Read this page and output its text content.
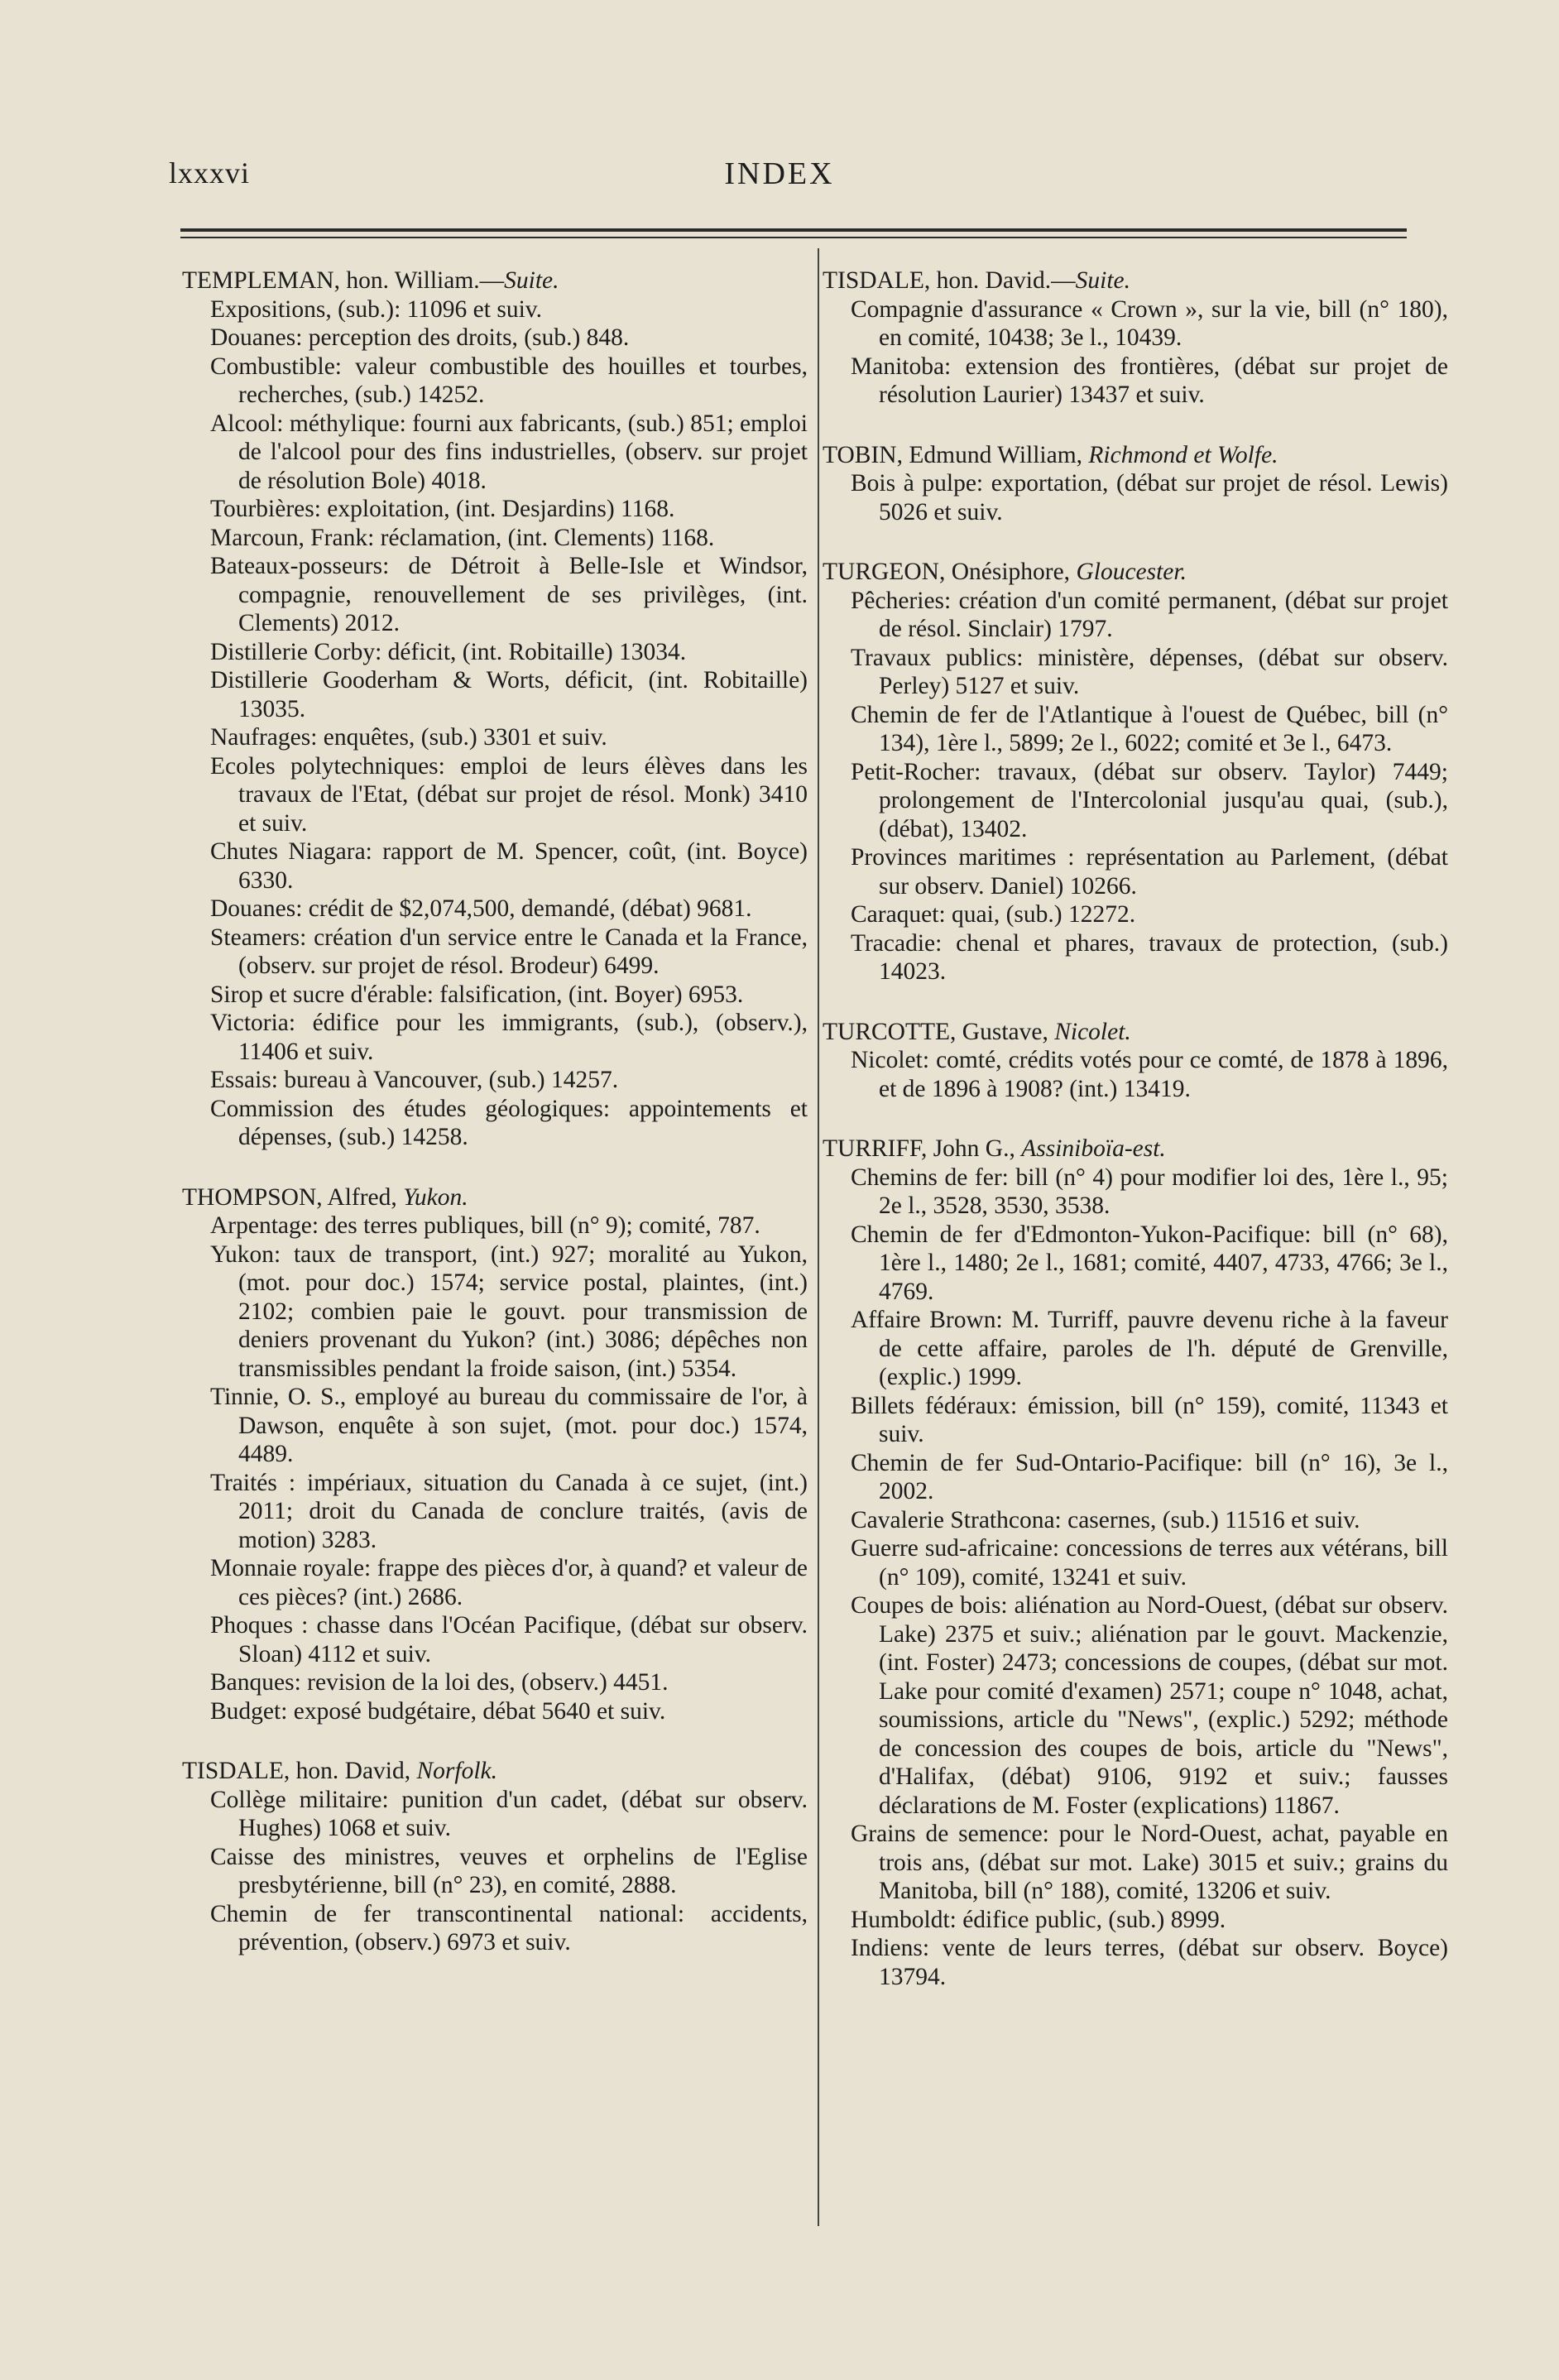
lxxxvi	INDEX

TEMPLEMAN, hon. William.—Suite.

Expositions, (sub.): 11096 et suiv.

Douanes: perception des droits, (sub.) 848.

Combustible: valeur combustible des houilles et tourbes, recherches, (sub.) 14252.

Alcool: méthylique: fourni aux fabricants, (sub.) 851; emploi de l'alcool pour des fins industrielles, (observ. sur projet de résolution Bole) 4018.

Tourbières: exploitation, (int. Desjardins) 1168.

Marcoun, Frank: réclamation, (int. Clements) 1168.

Bateaux-posseurs: de Détroit à Belle-Isle et Windsor, compagnie, renouvellement de ses privilèges, (int. Clements) 2012.

Distillerie Corby: déficit, (int. Robitaille) 13034.

Distillerie Gooderham & Worts, déficit, (int. Robitaille) 13035.

Naufrages: enquêtes, (sub.) 3301 et suiv.

Ecoles polytechniques: emploi de leurs élèves dans les travaux de l'Etat, (débat sur projet de résol. Monk) 3410 et suiv.

Chutes Niagara: rapport de M. Spencer, coût, (int. Boyce) 6330.

Douanes: crédit de $2,074,500, demandé, (débat) 9681.

Steamers: création d'un service entre le Canada et la France, (observ. sur projet de résol. Brodeur) 6499.

Sirop et sucre d'érable: falsification, (int. Boyer) 6953.

Victoria: édifice pour les immigrants, (sub.), (observ.), 11406 et suiv.

Essais: bureau à Vancouver, (sub.) 14257.

Commission des études géologiques: appointements et dépenses, (sub.) 14258.

THOMPSON, Alfred, Yukon.

Arpentage: des terres publiques, bill (n° 9); comité, 787.

Yukon: taux de transport, (int.) 927; moralité au Yukon, (mot. pour doc.) 1574; service postal, plaintes, (int.) 2102; combien paie le gouvt. pour transmission de deniers provenant du Yukon? (int.) 3086; dépêches non transmissibles pendant la froide saison, (int.) 5354.

Tinnie, O. S., employé au bureau du commissaire de l'or, à Dawson, enquête à son sujet, (mot. pour doc.) 1574, 4489.

Traités : impériaux, situation du Canada à ce sujet, (int.) 2011; droit du Canada de conclure traités, (avis de motion) 3283.

Monnaie royale: frappe des pièces d'or, à quand? et valeur de ces pièces? (int.) 2686.

Phoques : chasse dans l'Océan Pacifique, (débat sur observ. Sloan) 4112 et suiv.

Banques: revision de la loi des, (observ.) 4451.

Budget: exposé budgétaire, débat 5640 et suiv.

TISDALE, hon. David, Norfolk.

Collège militaire: punition d'un cadet, (débat sur observ. Hughes) 1068 et suiv.

Caisse des ministres, veuves et orphelins de l'Eglise presbytérienne, bill (n° 23), en comité, 2888.

Chemin de fer transcontinental national: accidents, prévention, (observ.) 6973 et suiv.

TISDALE, hon. David.—Suite.

Compagnie d'assurance « Crown », sur la vie, bill (n° 180), en comité, 10438; 3e l., 10439.

Manitoba: extension des frontières, (débat sur projet de résolution Laurier) 13437 et suiv.

TOBIN, Edmund William, Richmond et Wolfe.

Bois à pulpe: exportation, (débat sur projet de résol. Lewis) 5026 et suiv.

TURGEON, Onésiphore, Gloucester.

Pêcheries: création d'un comité permanent, (débat sur projet de résol. Sinclair) 1797.

Travaux publics: ministère, dépenses, (débat sur observ. Perley) 5127 et suiv.

Chemin de fer de l'Atlantique à l'ouest de Québec, bill (n° 134), 1ère l., 5899; 2e l., 6022; comité et 3e l., 6473.

Petit-Rocher: travaux, (débat sur observ. Taylor) 7449; prolongement de l'Intercolonial jusqu'au quai, (sub.), (débat), 13402.

Provinces maritimes : représentation au Parlement, (débat sur observ. Daniel) 10266.

Caraquet: quai, (sub.) 12272.

Tracadie: chenal et phares, travaux de protection, (sub.) 14023.

TURCOTTE, Gustave, Nicolet.

Nicolet: comté, crédits votés pour ce comté, de 1878 à 1896, et de 1896 à 1908? (int.) 13419.

TURRIFF, John G., Assiniboïa-est.

Chemins de fer: bill (n° 4) pour modifier loi des, 1ère l., 95; 2e l., 3528, 3530, 3538.

Chemin de fer d'Edmonton-Yukon-Pacifique: bill (n° 68), 1ère l., 1480; 2e l., 1681; comité, 4407, 4733, 4766; 3e l., 4769.

Affaire Brown: M. Turriff, pauvre devenu riche à la faveur de cette affaire, paroles de l'h. député de Grenville, (explic.) 1999.

Billets fédéraux: émission, bill (n° 159), comité, 11343 et suiv.

Chemin de fer Sud-Ontario-Pacifique: bill (n° 16), 3e l., 2002.

Cavalerie Strathcona: casernes, (sub.) 11516 et suiv.

Guerre sud-africaine: concessions de terres aux vétérans, bill (n° 109), comité, 13241 et suiv.

Coupes de bois: aliénation au Nord-Ouest, (débat sur observ. Lake) 2375 et suiv.; aliénation par le gouvt. Mackenzie, (int. Foster) 2473; concessions de coupes, (débat sur mot. Lake pour comité d'examen) 2571; coupe n° 1048, achat, soumissions, article du "News", (explic.) 5292; méthode de concession des coupes de bois, article du "News", d'Halifax, (débat) 9106, 9192 et suiv.; fausses déclarations de M. Foster (explications) 11867.

Grains de semence: pour le Nord-Ouest, achat, payable en trois ans, (débat sur mot. Lake) 3015 et suiv.; grains du Manitoba, bill (n° 188), comité, 13206 et suiv.

Humboldt: édifice public, (sub.) 8999.

Indiens: vente de leurs terres, (débat sur observ. Boyce) 13794.
